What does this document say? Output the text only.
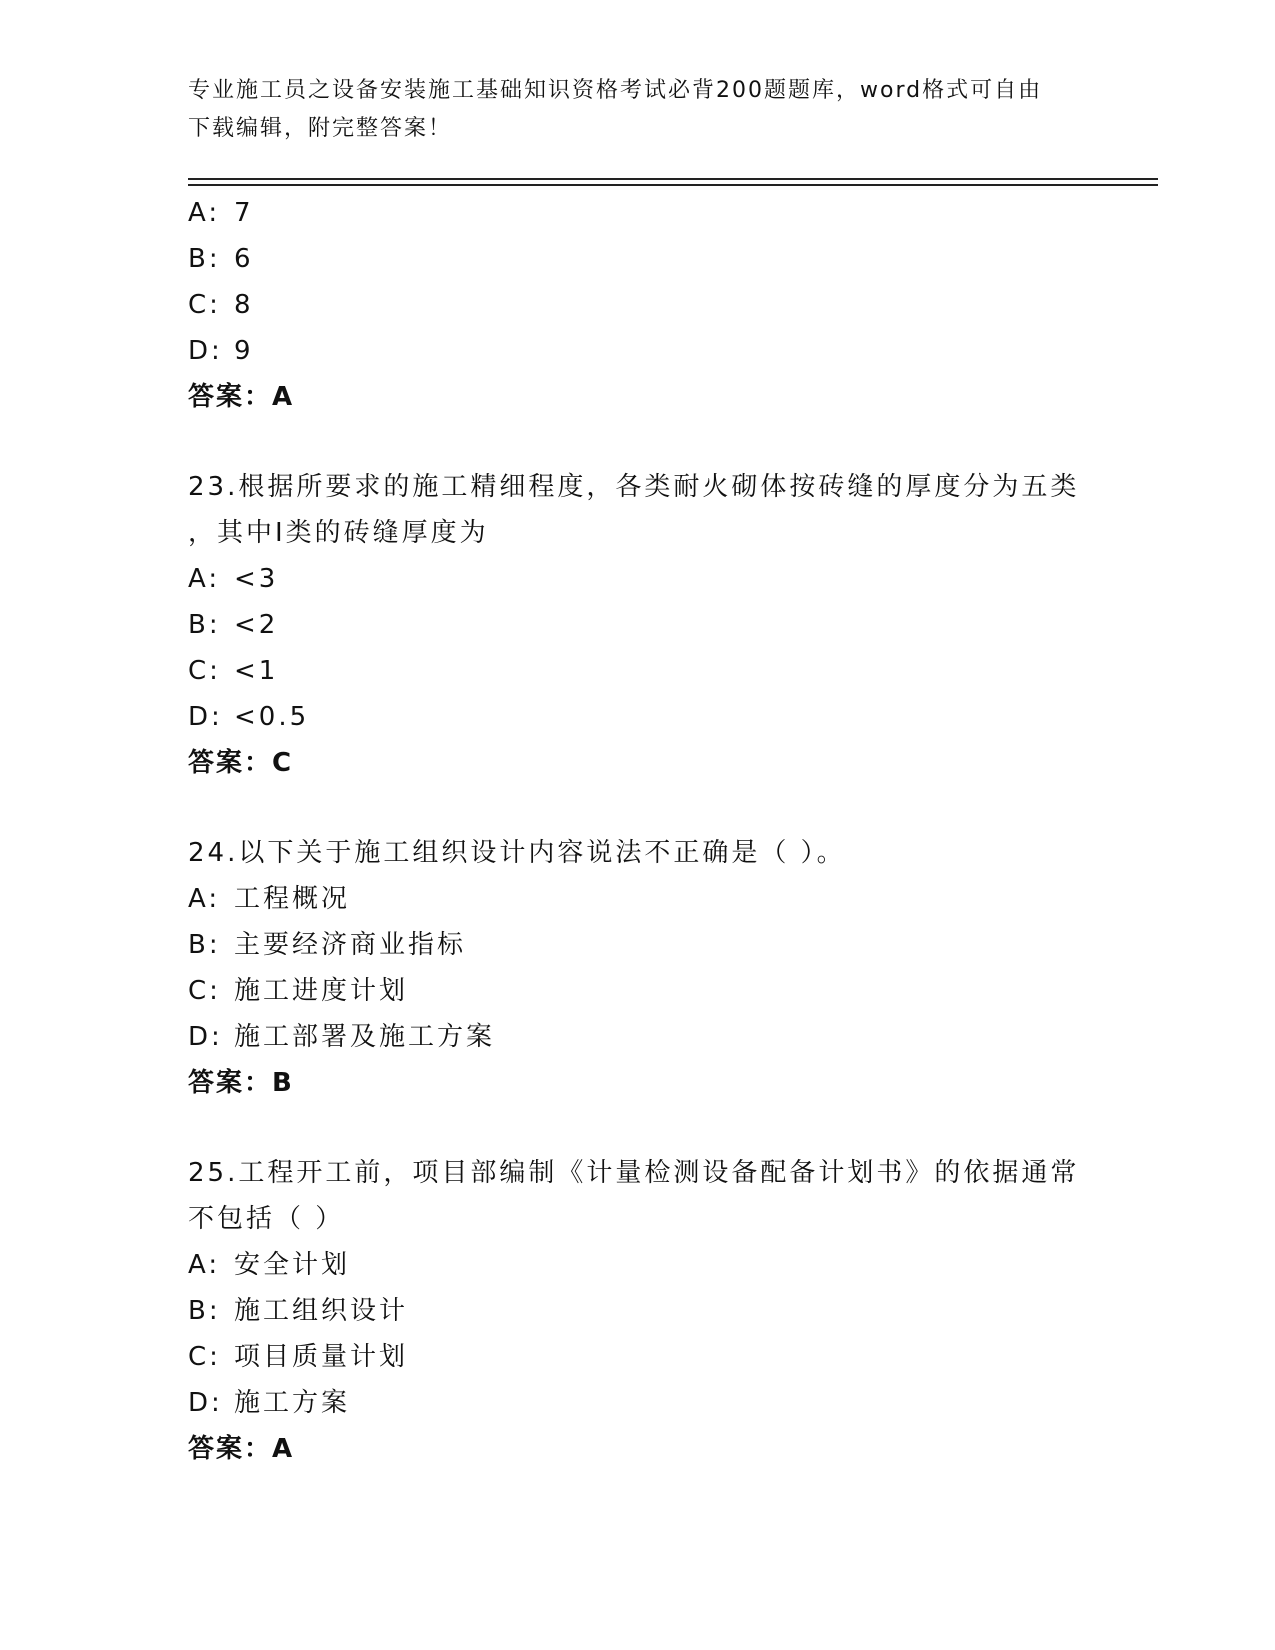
专业施工员之设备安装施工基础知识资格考试必背200题题库，word格式可自由
下载编辑，附完整答案！
A: 7
B: 6
C: 8
D: 9
答案：A
23.根据所要求的施工精细程度，各类耐火砌体按砖缝的厚度分为五类
，其中Ⅰ类的砖缝厚度为
A: <3
B: <2
C: <1
D: <0.5
答案：C
24.以下关于施工组织设计内容说法不正确是（ ）。
A: 工程概况
B: 主要经济商业指标
C: 施工进度计划
D: 施工部署及施工方案
答案：B
25.工程开工前，项目部编制《计量检测设备配备计划书》的依据通常
不包括（ ）
A: 安全计划
B: 施工组织设计
C: 项目质量计划
D: 施工方案
答案：A
